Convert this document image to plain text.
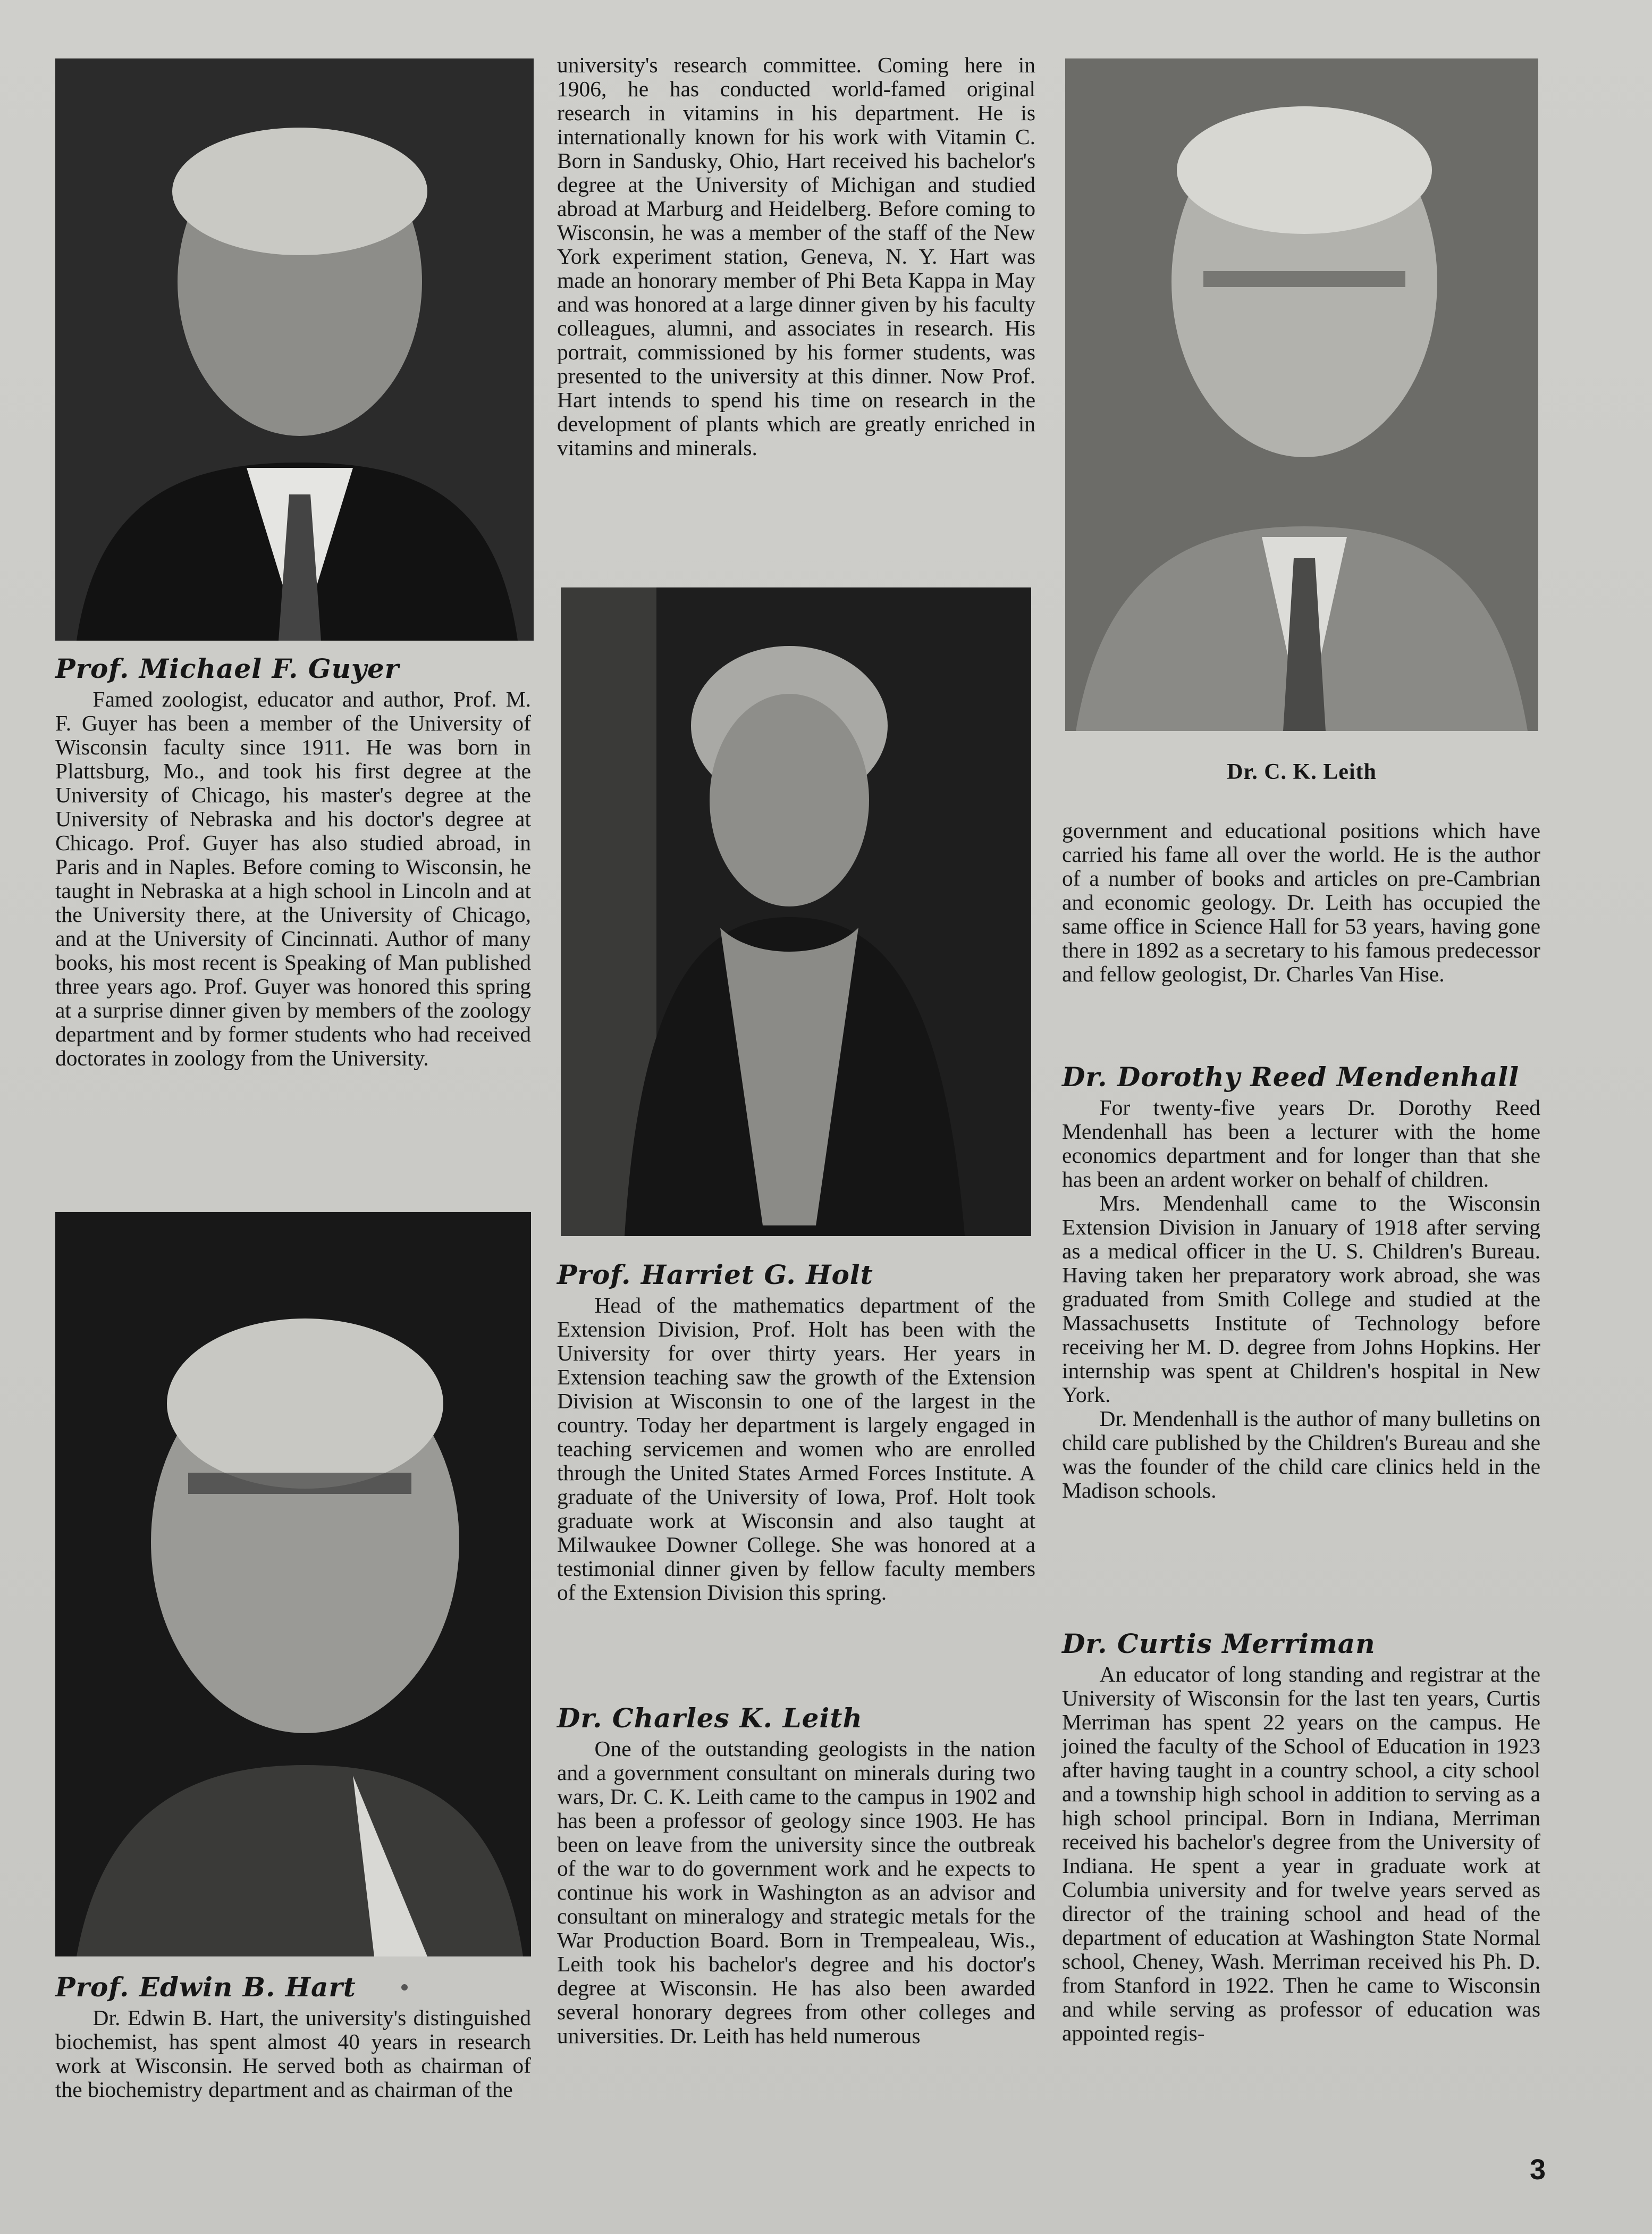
Dr. C. K. Leith
Prof. Michael F. Guyer

Famed zoologist, educator and author, Prof. M. F. Guyer has been a member of the University of Wisconsin faculty since 1911. He was born in Plattsburg, Mo., and took his first degree at the University of Chicago, his master's degree at the University of Nebraska and his doctor's degree at Chicago. Prof. Guyer has also studied abroad, in Paris and in Naples. Before coming to Wisconsin, he taught in Nebraska at a high school in Lincoln and at the University there, at the University of Chicago, and at the University of Cincinnati. Author of many books, his most recent is Speaking of Man published three years ago. Prof. Guyer was honored this spring at a surprise dinner given by members of the zoology department and by former students who had received doctorates in zoology from the University.

Prof. Edwin B. Hart

Dr. Edwin B. Hart, the university's distinguished biochemist, has spent almost 40 years in research work at Wisconsin. He served both as chairman of the biochemistry department and as chairman of the

university's research committee. Coming here in 1906, he has conducted world-famed original research in vitamins in his department. He is internationally known for his work with Vitamin C. Born in Sandusky, Ohio, Hart received his bachelor's degree at the University of Michigan and studied abroad at Marburg and Heidelberg. Before coming to Wisconsin, he was a member of the staff of the New York experiment station, Geneva, N. Y. Hart was made an honorary member of Phi Beta Kappa in May and was honored at a large dinner given by his faculty colleagues, alumni, and associates in research. His portrait, commissioned by his former students, was presented to the university at this dinner. Now Prof. Hart intends to spend his time on research in the development of plants which are greatly enriched in vitamins and minerals.

Prof. Harriet G. Holt

Head of the mathematics department of the Extension Division, Prof. Holt has been with the University for over thirty years. Her years in Extension teaching saw the growth of the Extension Division at Wisconsin to one of the largest in the country. Today her department is largely engaged in teaching servicemen and women who are enrolled through the United States Armed Forces Institute. A graduate of the University of Iowa, Prof. Holt took graduate work at Wisconsin and also taught at Milwaukee Downer College. She was honored at a testimonial dinner given by fellow faculty members of the Extension Division this spring.

Dr. Charles K. Leith

One of the outstanding geologists in the nation and a government consultant on minerals during two wars, Dr. C. K. Leith came to the campus in 1902 and has been a professor of geology since 1903. He has been on leave from the university since the outbreak of the war to do government work and he expects to continue his work in Washington as an advisor and consultant on mineralogy and strategic metals for the War Production Board. Born in Trempealeau, Wis., Leith took his bachelor's degree and his doctor's degree at Wisconsin. He has also been awarded several honorary degrees from other colleges and universities. Dr. Leith has held numerous

government and educational positions which have carried his fame all over the world. He is the author of a number of books and articles on pre-Cambrian and economic geology. Dr. Leith has occupied the same office in Science Hall for 53 years, having gone there in 1892 as a secretary to his famous predecessor and fellow geologist, Dr. Charles Van Hise.

Dr. Dorothy Reed Mendenhall

For twenty-five years Dr. Dorothy Reed Mendenhall has been a lecturer with the home economics department and for longer than that she has been an ardent worker on behalf of children.

Mrs. Mendenhall came to the Wisconsin Extension Division in January of 1918 after serving as a medical officer in the U. S. Children's Bureau. Having taken her preparatory work abroad, she was graduated from Smith College and studied at the Massachusetts Institute of Technology before receiving her M. D. degree from Johns Hopkins. Her internship was spent at Children's hospital in New York.

Dr. Mendenhall is the author of many bulletins on child care published by the Children's Bureau and she was the founder of the child care clinics held in the Madison schools.

Dr. Curtis Merriman

An educator of long standing and registrar at the University of Wisconsin for the last ten years, Curtis Merriman has spent 22 years on the campus. He joined the faculty of the School of Education in 1923 after having taught in a country school, a city school and a township high school in addition to serving as a high school principal. Born in Indiana, Merriman received his bachelor's degree from the University of Indiana. He spent a year in graduate work at Columbia university and for twelve years served as director of the training school and head of the department of education at Washington State Normal school, Cheney, Wash. Merriman received his Ph. D. from Stanford in 1922. Then he came to Wisconsin and while serving as professor of education was appointed regis-

3
